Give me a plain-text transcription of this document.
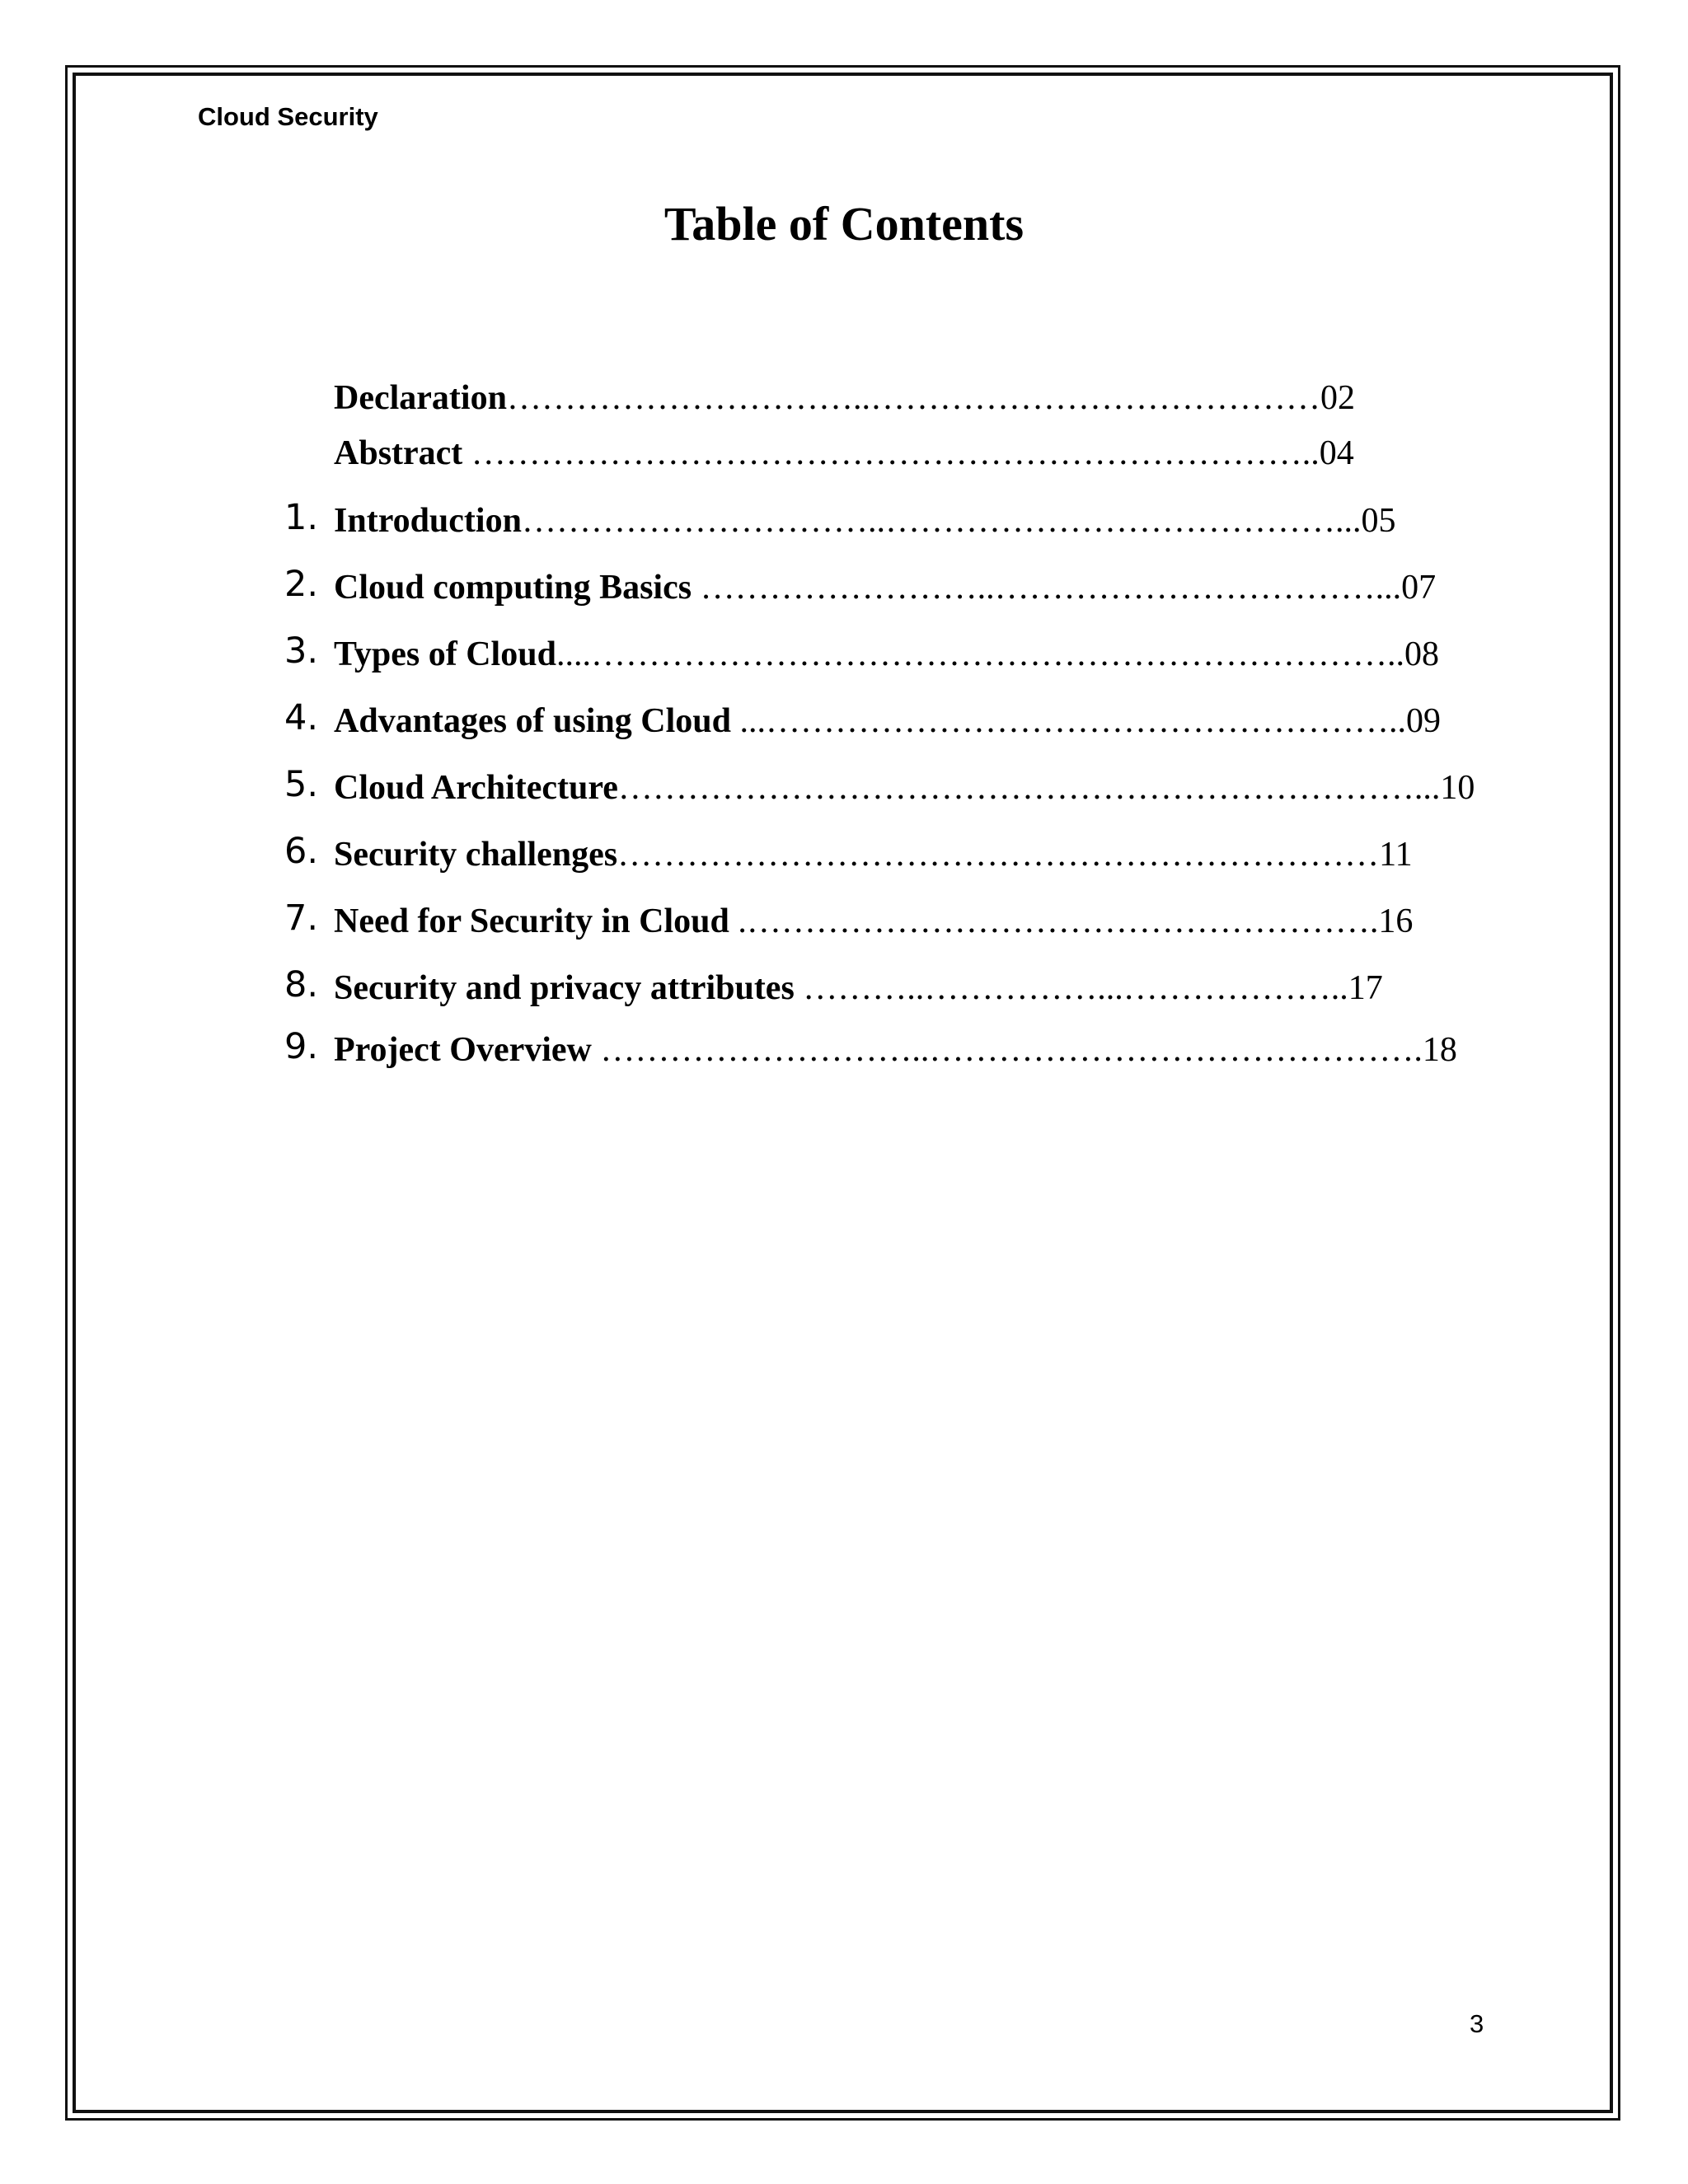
Cloud Security
Table of Contents
Declaration…………………………..…………………………………02
Abstract ………………………………………………………………..04
1. Introduction…………………………..…………………………………...05
2. Cloud computing Basics ……………………..……………………………...07
3. Types of Cloud....……………………………………………………………..08
4. Advantages of using Cloud ...………………………………………………..09
5. Cloud Architecture……………………………………………………………...10
6. Security challenges…………………………………………………………11
7. Need for Security in Cloud .……………………………………………….16
8. Security and privacy attributes ………..……………...………………..17
9. Project Overview ………………………..…………………………………….18
3
